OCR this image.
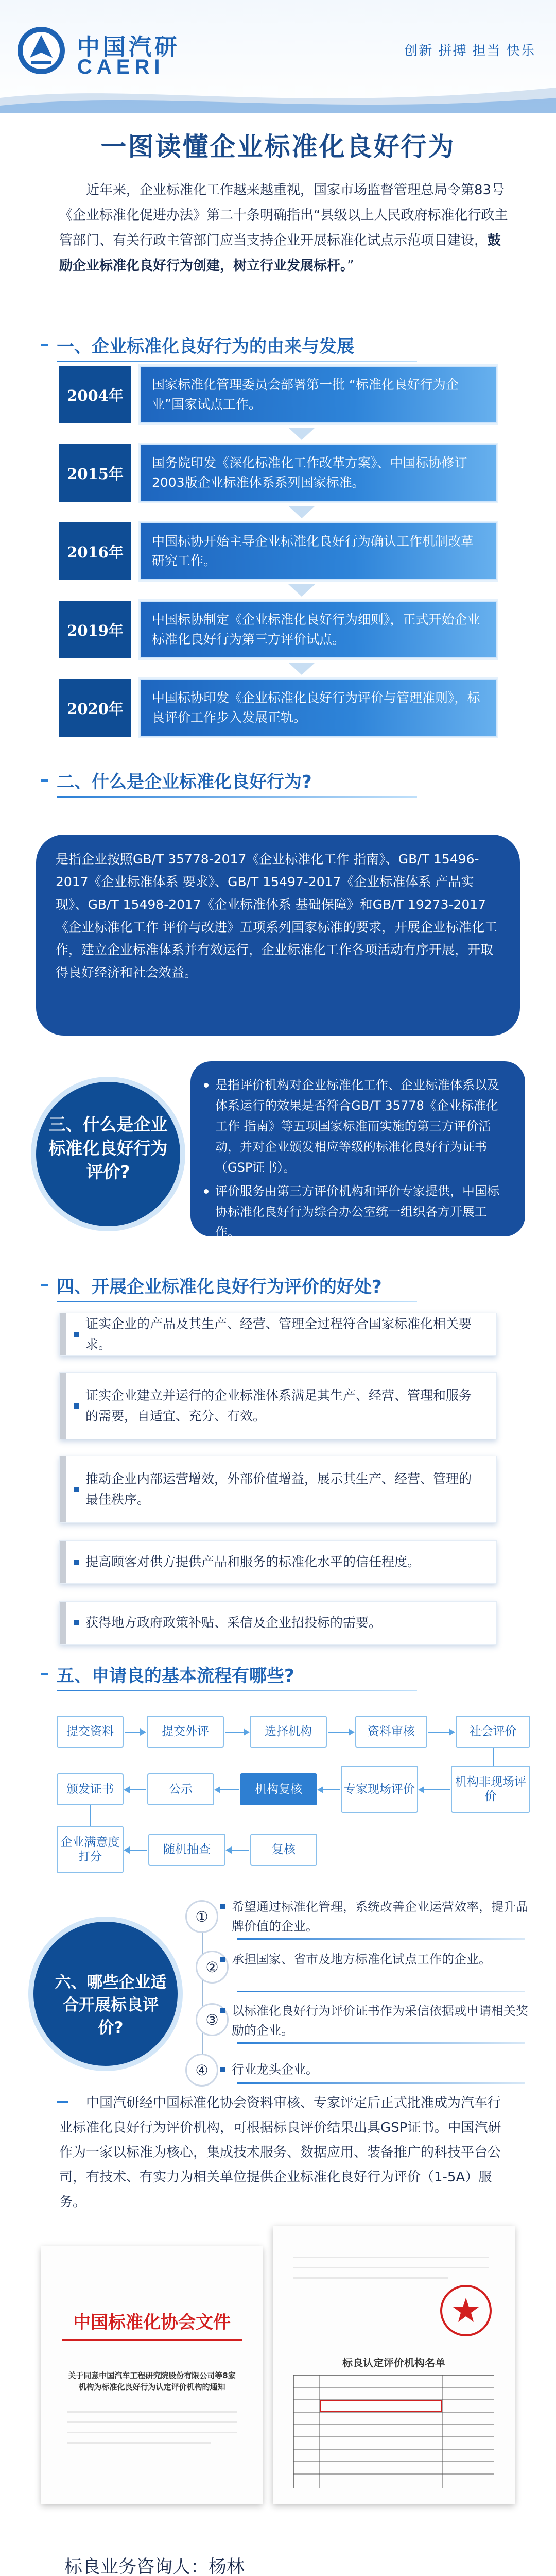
中国汽研
CAERI
创新 拼搏 担当 快乐
一图读懂企业标准化良好行为
近年来，企业标准化工作越来越重视，国家市场监督管理总局令第83号《企业标准化促进办法》第二十条明确指出“县级以上人民政府标准化行政主管部门、有关行政主管部门应当支持企业开展标准化试点示范项目建设，鼓励企业标准化良好行为创建，树立行业发展标杆。”
一、企业标准化良好行为的由来与发展
2004年
国家标准化管理委员会部署第一批 “标准化良好行为企业”国家试点工作。
2015年
国务院印发《深化标准化工作改革方案》、中国标协修订2003版企业标准体系系列国家标准。
2016年
中国标协开始主导企业标准化良好行为确认工作机制改革研究工作。
2019年
中国标协制定《企业标准化良好行为细则》，正式开始企业标准化良好行为第三方评价试点。
2020年
中国标协印发《企业标准化良好行为评价与管理准则》，标良评价工作步入发展正轨。
二、什么是企业标准化良好行为?
是指企业按照GB/T 35778-2017《企业标准化工作 指南》、GB/T 15496-2017《企业标准体系 要求》、GB/T 15497-2017《企业标准体系 产品实现》、GB/T 15498-2017《企业标准体系 基础保障》和GB/T 19273-2017《企业标准化工作 评价与改进》五项系列国家标准的要求，开展企业标准化工作，建立企业标准体系并有效运行，企业标准化工作各项活动有序开展，开取得良好经济和社会效益。
是指评价机构对企业标准化工作、企业标准体系以及体系运行的效果是否符合GB/T 35778《企业标准化工作 指南》等五项国家标准而实施的第三方评价活动，并对企业颁发相应等级的标准化良好行为证书（GSP证书）。
评价服务由第三方评价机构和评价专家提供，中国标协标准化良好行为综合办公室统一组织各方开展工作。
三、什么是企业标准化良好行为评价?
四、开展企业标准化良好行为评价的好处?
证实企业的产品及其生产、经营、管理全过程符合国家标准化相关要求。
证实企业建立并运行的企业标准体系满足其生产、经营、管理和服务的需要，自适宜、充分、有效。
推动企业内部运营增效，外部价值增益，展示其生产、经营、管理的最佳秩序。
提高顾客对供方提供产品和服务的标准化水平的信任程度。
获得地方政府政策补贴、采信及企业招投标的需要。
五、申请良的基本流程有哪些?
提交资料	提交外评	选择机构	资料审核	社会评价
颁发证书	公示	机构复核	专家现场评价
机构非现场评价
企业满意度打分
随机抽查	复核
六、哪些企业适合开展标良评价?
①
希望通过标准化管理，系统改善企业运营效率，提升品牌价值的企业。
②	承担国家、省市及地方标准化试点工作的企业。
③
以标准化良好行为评价证书作为采信依据或申请相关奖励的企业。
④	行业龙头企业。
中国汽研经中国标准化协会资料审核、专家评定后正式批准成为汽车行业标准化良好行为评价机构，可根据标良评价结果出具GSP证书。中国汽研作为一家以标准为核心，集成技术服务、数据应用、装备推广的科技平台公司，有技术、有实力为相关单位提供企业标准化良好行为评价（1-5A）服务。
中国标准化协会文件
关于同意中国汽车工程研究院股份有限公司等8家机构为标准化良好行为认定评价机构的通知
标良认定评价机构名单
标良业务咨询人：杨林
